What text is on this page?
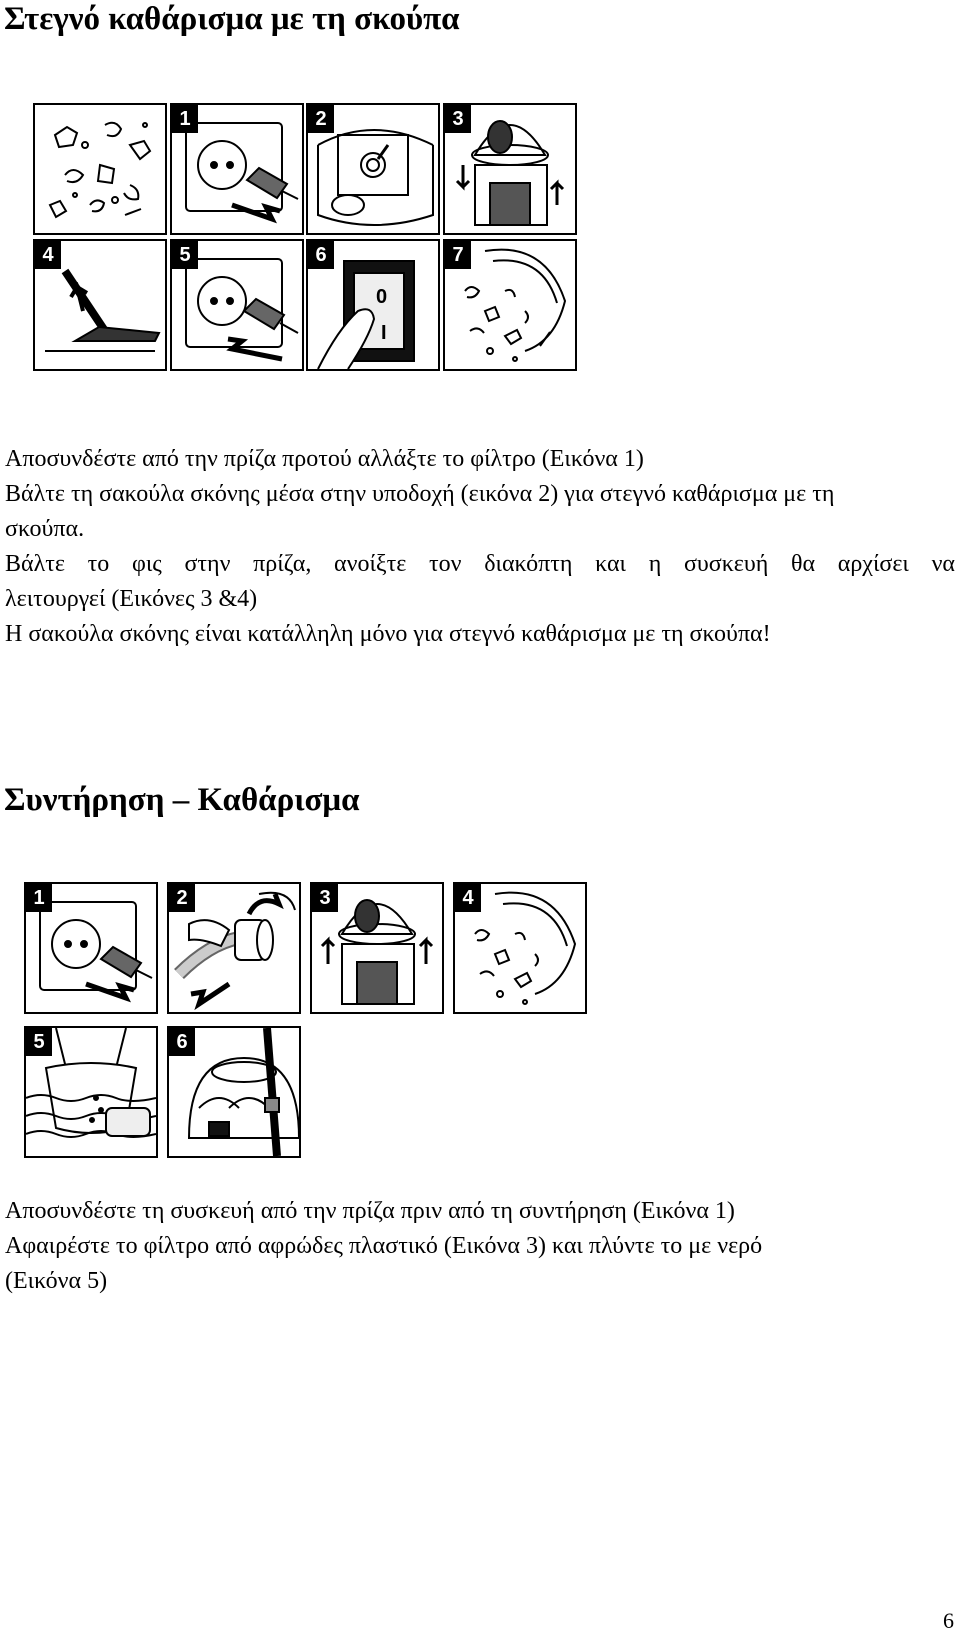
Στεγνό καθάρισμα με τη σκούπα
1	2	3
4	5
0
I
6	7
Αποσυνδέστε από την πρίζα προτού αλλάξτε το φίλτρο (Εικόνα 1)
Βάλτε τη σακούλα σκόνης μέσα στην υποδοχή (εικόνα 2) για στεγνό καθάρισμα με τη
σκούπα.
Βάλτε το φις στην πρίζα, ανοίξτε τον διακόπτη και η συσκευή θα αρχίσει να
λειτουργεί (Εικόνες 3 &4)
Η σακούλα σκόνης είναι κατάλληλη μόνο για στεγνό καθάρισμα με τη σκούπα!
Συντήρηση – Καθάρισμα
1	2	3	4
5	6
Αποσυνδέστε τη συσκευή από την πρίζα πριν από τη συντήρηση (Εικόνα 1)
Αφαιρέστε το φίλτρο από αφρώδες πλαστικό (Εικόνα 3) και πλύντε το με νερό
(Εικόνα 5)
6
